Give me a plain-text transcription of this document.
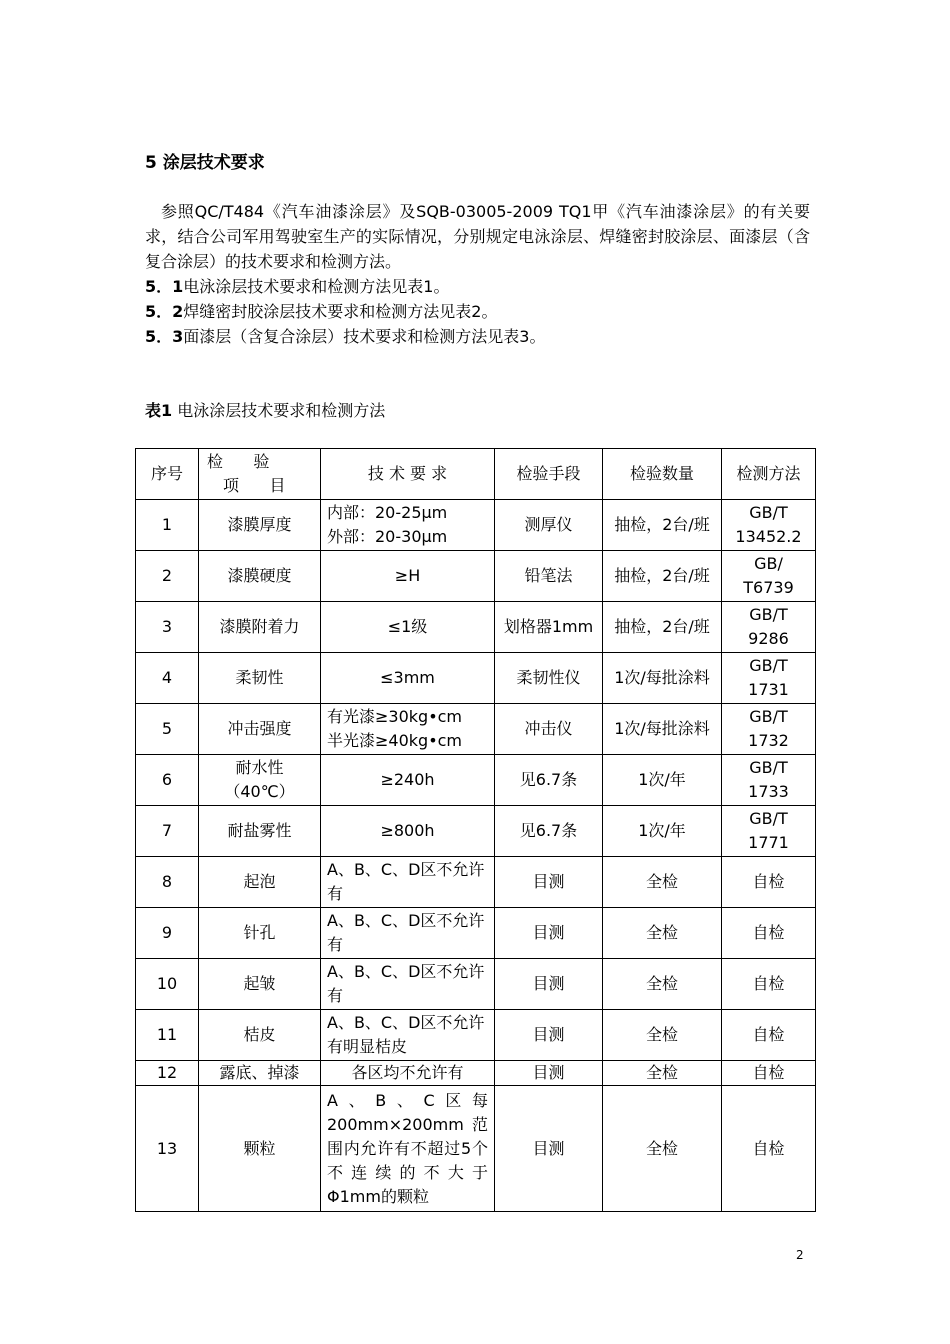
5 涂层技术要求

参照QC/T484《汽车油漆涂层》及SQB-03005-2009 TQ1甲《汽车油漆涂层》的有关要求，结合公司军用驾驶室生产的实际情况，分别规定电泳涂层、焊缝密封胶涂层、面漆层（含复合涂层）的技术要求和检测方法。

5．1电泳涂层技术要求和检测方法见表1。

5．2焊缝密封胶涂层技术要求和检测方法见表2。

5．3面漆层（含复合涂层）技术要求和检测方法见表3。

表1 电泳涂层技术要求和检测方法
序号	检      验
项      目	技 术 要 求	检验手段	检验数量	检测方法
1	漆膜厚度	内部：20-25μm
外部：20-30μm	测厚仪	抽检，2台/班	GB/T 13452.2
2	漆膜硬度	≥H	铅笔法	抽检，2台/班	GB/ T6739
3	漆膜附着力	≤1级	划格器1mm	抽检，2台/班	GB/T 9286
4	柔韧性	≤3mm	柔韧性仪	1次/每批涂料	GB/T 1731
5	冲击强度	有光漆≥30kg•cm
半光漆≥40kg•cm	冲击仪	1次/每批涂料	GB/T 1732
6	耐水性（40℃）	≥240h	见6.7条	1次/年	GB/T 1733
7	耐盐雾性	≥800h	见6.7条	1次/年	GB/T 1771
8	起泡	A、B、C、D区不允许有	目测	全检	自检
9	针孔	A、B、C、D区不允许有	目测	全检	自检
10	起皱	A、B、C、D区不允许有	目测	全检	自检
11	桔皮	A、B、C、D区不允许有明显桔皮	目测	全检	自检
12	露底、掉漆	各区均不允许有	目测	全检	自检
13	颗粒	A、B、C区每200mm×200mm范围内允许有不超过5个不连续的不大于Φ1mm的颗粒	目测	全检	自检
2
